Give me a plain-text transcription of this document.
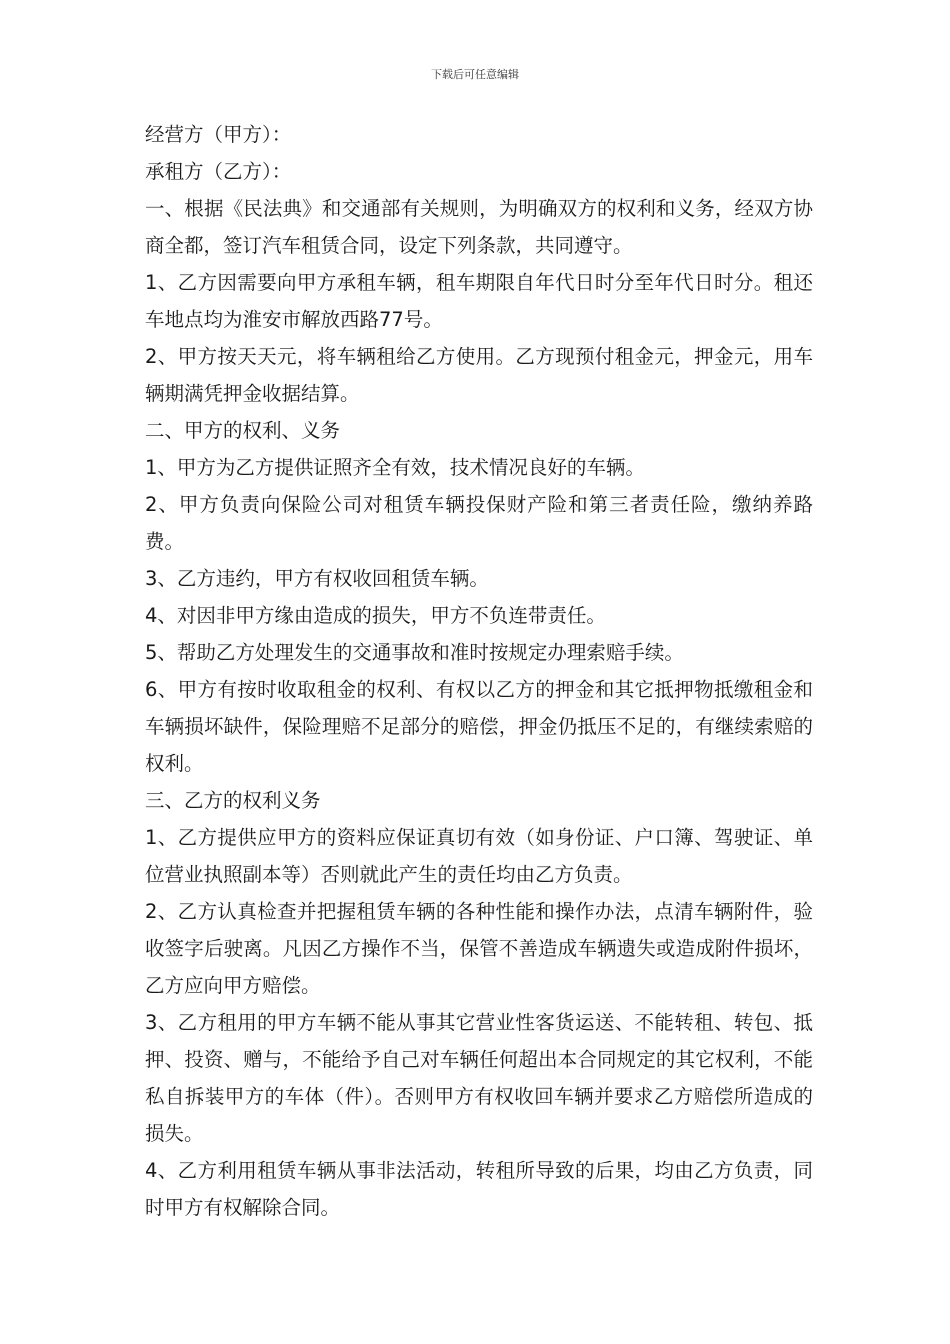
下载后可任意编辑

经营方（甲方）：

承租方（乙方）：

一、根据《民法典》和交通部有关规则，为明确双方的权利和义务，经双方协商全都，签订汽车租赁合同，设定下列条款，共同遵守。

1、乙方因需要向甲方承租车辆，租车期限自年代日时分至年代日时分。租还车地点均为淮安市解放西路77号。

2、甲方按天天元，将车辆租给乙方使用。乙方现预付租金元，押金元，用车辆期满凭押金收据结算。

二、甲方的权利、义务

1、甲方为乙方提供证照齐全有效，技术情况良好的车辆。

2、甲方负责向保险公司对租赁车辆投保财产险和第三者责任险，缴纳养路费。

3、乙方违约，甲方有权收回租赁车辆。

4、对因非甲方缘由造成的损失，甲方不负连带责任。

5、帮助乙方处理发生的交通事故和准时按规定办理索赔手续。

6、甲方有按时收取租金的权利、有权以乙方的押金和其它抵押物抵缴租金和车辆损坏缺件，保险理赔不足部分的赔偿，押金仍抵压不足的，有继续索赔的权利。

三、乙方的权利义务

1、乙方提供应甲方的资料应保证真切有效（如身份证、户口簿、驾驶证、单位营业执照副本等）否则就此产生的责任均由乙方负责。

2、乙方认真检查并把握租赁车辆的各种性能和操作办法，点清车辆附件，验收签字后驶离。凡因乙方操作不当，保管不善造成车辆遗失或造成附件损坏，乙方应向甲方赔偿。

3、乙方租用的甲方车辆不能从事其它营业性客货运送、不能转租、转包、抵押、投资、赠与，不能给予自己对车辆任何超出本合同规定的其它权利，不能私自拆装甲方的车体（件）。否则甲方有权收回车辆并要求乙方赔偿所造成的损失。

4、乙方利用租赁车辆从事非法活动，转租所导致的后果，均由乙方负责，同时甲方有权解除合同。
